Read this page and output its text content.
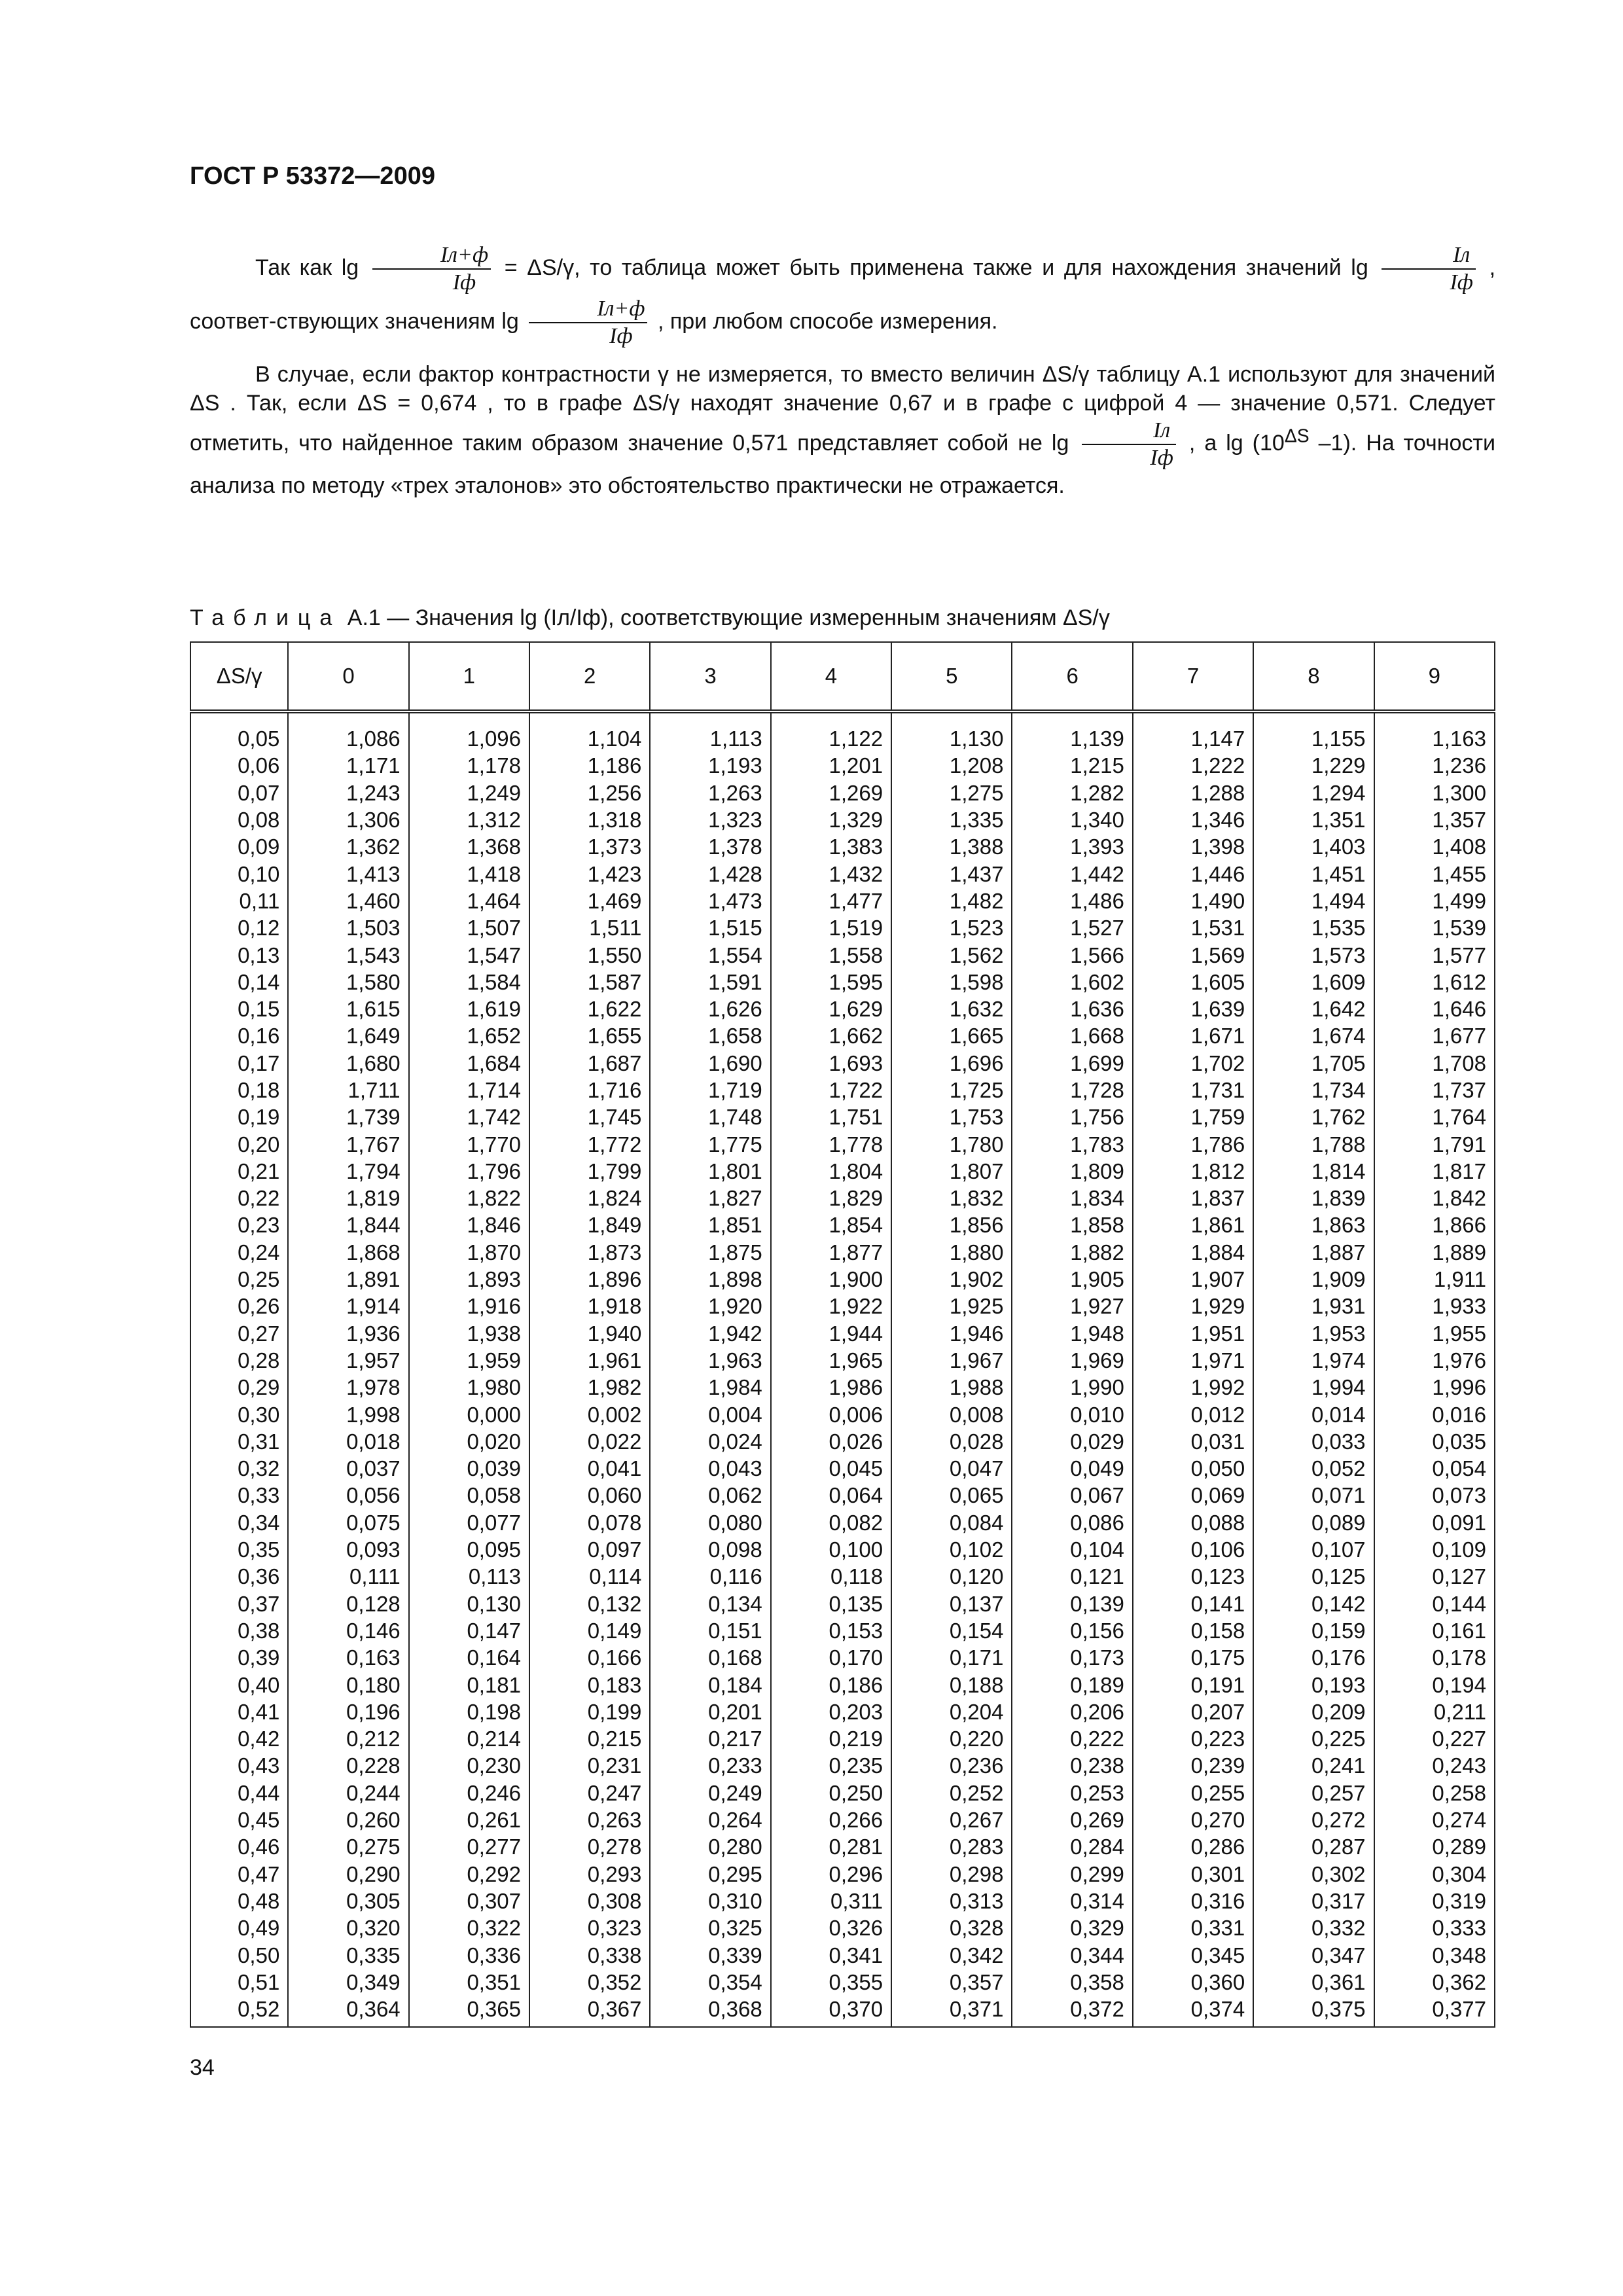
ГОСТ Р 53372—2009

Так как $\lg \frac{Iл+ф}{Iф} = \Delta S/\gamma$, то таблица может быть применена также и для нахождения значений $\lg \frac{Iл}{Iф}$ , соответ-ствующих значениям $\lg \frac{Iл+ф}{Iф}$ , при любом способе измерения.

В случае, если фактор контрастности γ не измеряется, то вместо величин ΔS/γ таблицу А.1 используют для значений ΔS . Так, если ΔS = 0,674 , то в графе ΔS/γ находят значение 0,67 и в графе с цифрой 4 — значение 0,571. Следует отметить, что найденное таким образом значение 0,571 представляет собой не $\lg \frac{Iл}{Iф}$ , а $\lg (10^{\Delta S}$ –1). На точности анализа по методу «трех эталонов» это обстоятельство практически не отражается.

Таблица А.1 — Значения lg (Iл/Iф), соответствующие измеренным значениям ΔS/γ
ΔS/γ	0	1	2	3	4	5	6	7	8	9
0,05	1,086	1,096	1,104	1,113	1,122	1,130	1,139	1,147	1,155	1,163
0,06	1,171	1,178	1,186	1,193	1,201	1,208	1,215	1,222	1,229	1,236
0,07	1,243	1,249	1,256	1,263	1,269	1,275	1,282	1,288	1,294	1,300
0,08	1,306	1,312	1,318	1,323	1,329	1,335	1,340	1,346	1,351	1,357
0,09	1,362	1,368	1,373	1,378	1,383	1,388	1,393	1,398	1,403	1,408
0,10	1,413	1,418	1,423	1,428	1,432	1,437	1,442	1,446	1,451	1,455
0,11	1,460	1,464	1,469	1,473	1,477	1,482	1,486	1,490	1,494	1,499
0,12	1,503	1,507	1,511	1,515	1,519	1,523	1,527	1,531	1,535	1,539
0,13	1,543	1,547	1,550	1,554	1,558	1,562	1,566	1,569	1,573	1,577
0,14	1,580	1,584	1,587	1,591	1,595	1,598	1,602	1,605	1,609	1,612
0,15	1,615	1,619	1,622	1,626	1,629	1,632	1,636	1,639	1,642	1,646
0,16	1,649	1,652	1,655	1,658	1,662	1,665	1,668	1,671	1,674	1,677
0,17	1,680	1,684	1,687	1,690	1,693	1,696	1,699	1,702	1,705	1,708
0,18	1,711	1,714	1,716	1,719	1,722	1,725	1,728	1,731	1,734	1,737
0,19	1,739	1,742	1,745	1,748	1,751	1,753	1,756	1,759	1,762	1,764
0,20	1,767	1,770	1,772	1,775	1,778	1,780	1,783	1,786	1,788	1,791
0,21	1,794	1,796	1,799	1,801	1,804	1,807	1,809	1,812	1,814	1,817
0,22	1,819	1,822	1,824	1,827	1,829	1,832	1,834	1,837	1,839	1,842
0,23	1,844	1,846	1,849	1,851	1,854	1,856	1,858	1,861	1,863	1,866
0,24	1,868	1,870	1,873	1,875	1,877	1,880	1,882	1,884	1,887	1,889
0,25	1,891	1,893	1,896	1,898	1,900	1,902	1,905	1,907	1,909	1,911
0,26	1,914	1,916	1,918	1,920	1,922	1,925	1,927	1,929	1,931	1,933
0,27	1,936	1,938	1,940	1,942	1,944	1,946	1,948	1,951	1,953	1,955
0,28	1,957	1,959	1,961	1,963	1,965	1,967	1,969	1,971	1,974	1,976
0,29	1,978	1,980	1,982	1,984	1,986	1,988	1,990	1,992	1,994	1,996
0,30	1,998	0,000	0,002	0,004	0,006	0,008	0,010	0,012	0,014	0,016
0,31	0,018	0,020	0,022	0,024	0,026	0,028	0,029	0,031	0,033	0,035
0,32	0,037	0,039	0,041	0,043	0,045	0,047	0,049	0,050	0,052	0,054
0,33	0,056	0,058	0,060	0,062	0,064	0,065	0,067	0,069	0,071	0,073
0,34	0,075	0,077	0,078	0,080	0,082	0,084	0,086	0,088	0,089	0,091
0,35	0,093	0,095	0,097	0,098	0,100	0,102	0,104	0,106	0,107	0,109
0,36	0,111	0,113	0,114	0,116	0,118	0,120	0,121	0,123	0,125	0,127
0,37	0,128	0,130	0,132	0,134	0,135	0,137	0,139	0,141	0,142	0,144
0,38	0,146	0,147	0,149	0,151	0,153	0,154	0,156	0,158	0,159	0,161
0,39	0,163	0,164	0,166	0,168	0,170	0,171	0,173	0,175	0,176	0,178
0,40	0,180	0,181	0,183	0,184	0,186	0,188	0,189	0,191	0,193	0,194
0,41	0,196	0,198	0,199	0,201	0,203	0,204	0,206	0,207	0,209	0,211
0,42	0,212	0,214	0,215	0,217	0,219	0,220	0,222	0,223	0,225	0,227
0,43	0,228	0,230	0,231	0,233	0,235	0,236	0,238	0,239	0,241	0,243
0,44	0,244	0,246	0,247	0,249	0,250	0,252	0,253	0,255	0,257	0,258
0,45	0,260	0,261	0,263	0,264	0,266	0,267	0,269	0,270	0,272	0,274
0,46	0,275	0,277	0,278	0,280	0,281	0,283	0,284	0,286	0,287	0,289
0,47	0,290	0,292	0,293	0,295	0,296	0,298	0,299	0,301	0,302	0,304
0,48	0,305	0,307	0,308	0,310	0,311	0,313	0,314	0,316	0,317	0,319
0,49	0,320	0,322	0,323	0,325	0,326	0,328	0,329	0,331	0,332	0,333
0,50	0,335	0,336	0,338	0,339	0,341	0,342	0,344	0,345	0,347	0,348
0,51	0,349	0,351	0,352	0,354	0,355	0,357	0,358	0,360	0,361	0,362
0,52	0,364	0,365	0,367	0,368	0,370	0,371	0,372	0,374	0,375	0,377
34
